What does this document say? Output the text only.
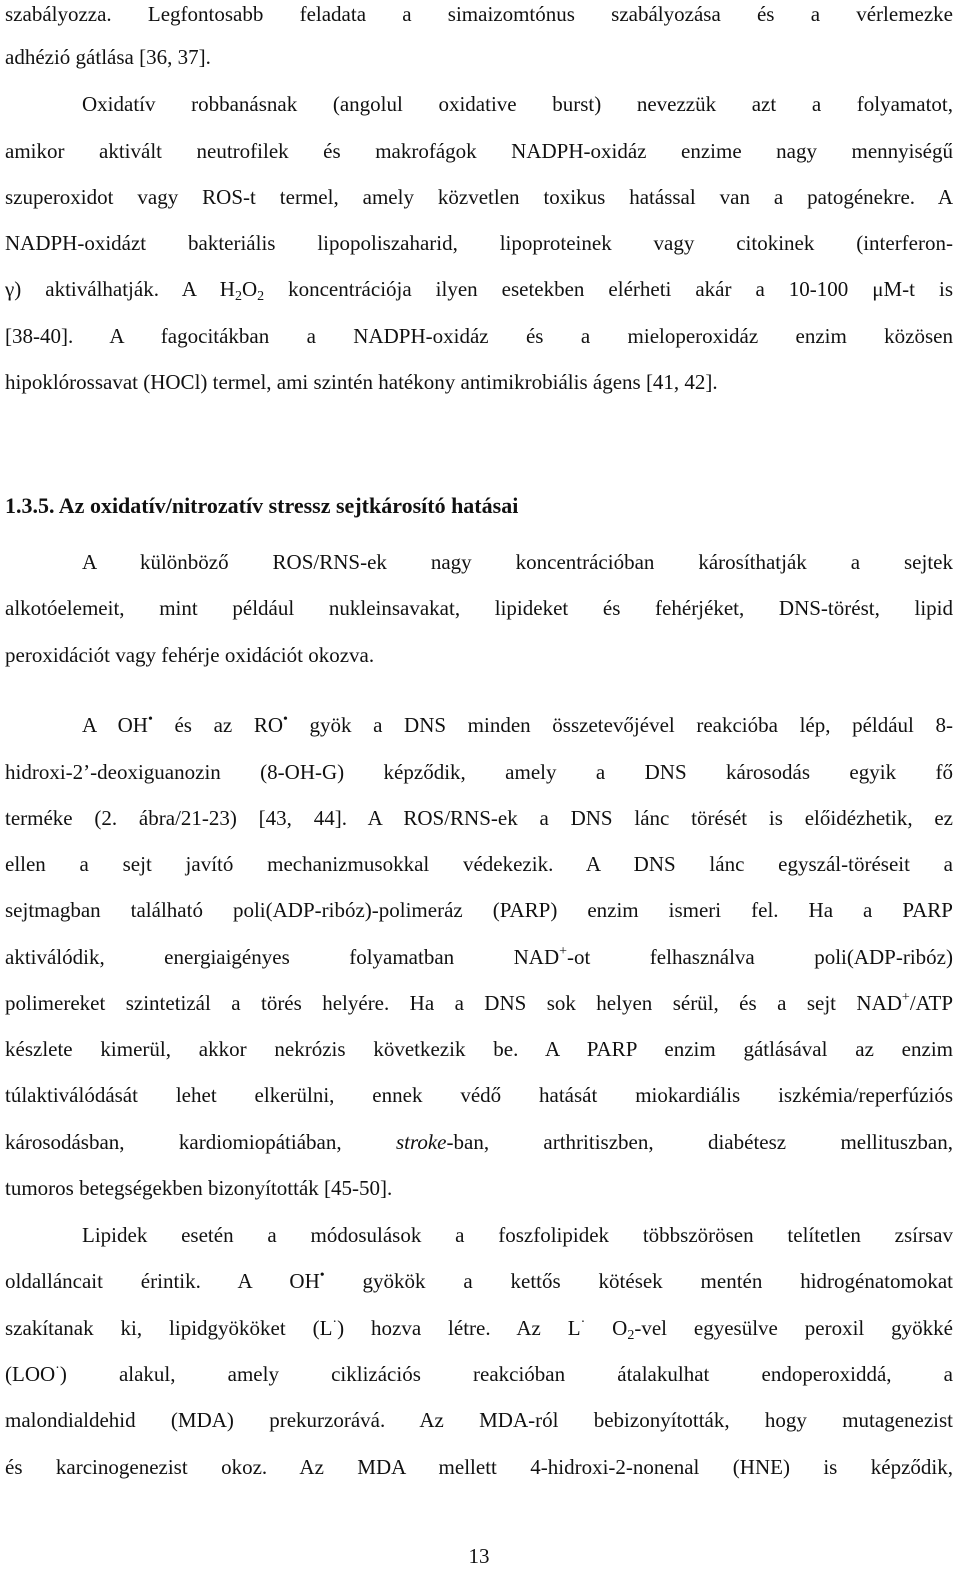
szabályozza. Legfontosabb feladata a simaizomtónus szabályozása és a vérlemezke
adhézió gátlása [36, 37].
Oxidatív robbanásnak (angolul oxidative burst) nevezzük azt a folyamatot,
amikor aktivált neutrofilek és makrofágok NADPH-oxidáz enzime nagy mennyiségű
szuperoxidot vagy ROS-t termel, amely közvetlen toxikus hatással van a patogénekre. A
NADPH-oxidázt bakteriális lipopoliszaharid, lipoproteinek vagy citokinek (interferon-
γ) aktiválhatják. A $H_2O_2$ koncentrációja ilyen esetekben elérheti akár a 10-100 μM-t is
[38-40]. A fagocitákban a NADPH-oxidáz és a mieloperoxidáz enzim közösen
hipoklórossavat (HOCl) termel, ami szintén hatékony antimikrobiális ágens [41, 42].
1.3.5. Az oxidatív/nitrozatív stressz sejtkárosító hatásai
A különböző ROS/RNS-ek nagy koncentrációban károsíthatják a sejtek
alkotóelemeit, mint például nukleinsavakat, lipideket és fehérjéket, DNS-törést, lipid
peroxidációt vagy fehérje oxidációt okozva.
A OH• és az RO• gyök a DNS minden összetevőjével reakcióba lép, például 8-
hidroxi-2’-deoxiguanozin (8-OH-G) képződik, amely a DNS károsodás egyik fő
terméke (2. ábra/21-23) [43, 44]. A ROS/RNS-ek a DNS lánc törését is előidézhetik, ez
ellen a sejt javító mechanizmusokkal védekezik. A DNS lánc egyszál-töréseit a
sejtmagban található poli(ADP-ribóz)-polimeráz (PARP) enzim ismeri fel. Ha a PARP
aktiválódik, energiaigényes folyamatban NAD+-ot felhasználva poli(ADP-ribóz)
polimereket szintetizál a törés helyére. Ha a DNS sok helyen sérül, és a sejt NAD+/ATP
készlete kimerül, akkor nekrózis következik be. A PARP enzim gátlásával az enzim
túlaktiválódását lehet elkerülni, ennek védő hatását miokardiális iszkémia/reperfúziós
károsodásban, kardiomiopátiában, stroke-ban, arthritiszben, diabétesz mellituszban,
tumoros betegségekben bizonyították [45-50].
Lipidek esetén a módosulások a foszfolipidek többszörösen telítetlen zsírsav
oldalláncait érintik. A OH• gyökök a kettős kötések mentén hidrogénatomokat
szakítanak ki, lipidgyököket (L·) hozva létre. Az L· $O_2$-vel egyesülve peroxil gyökké
(LOO·) alakul, amely ciklizációs reakcióban átalakulhat endoperoxiddá, a
malondialdehid (MDA) prekurzorává. Az MDA-ról bebizonyították, hogy mutagenezist
és karcinogenezist okoz. Az MDA mellett 4-hidroxi-2-nonenal (HNE) is képződik,
13
